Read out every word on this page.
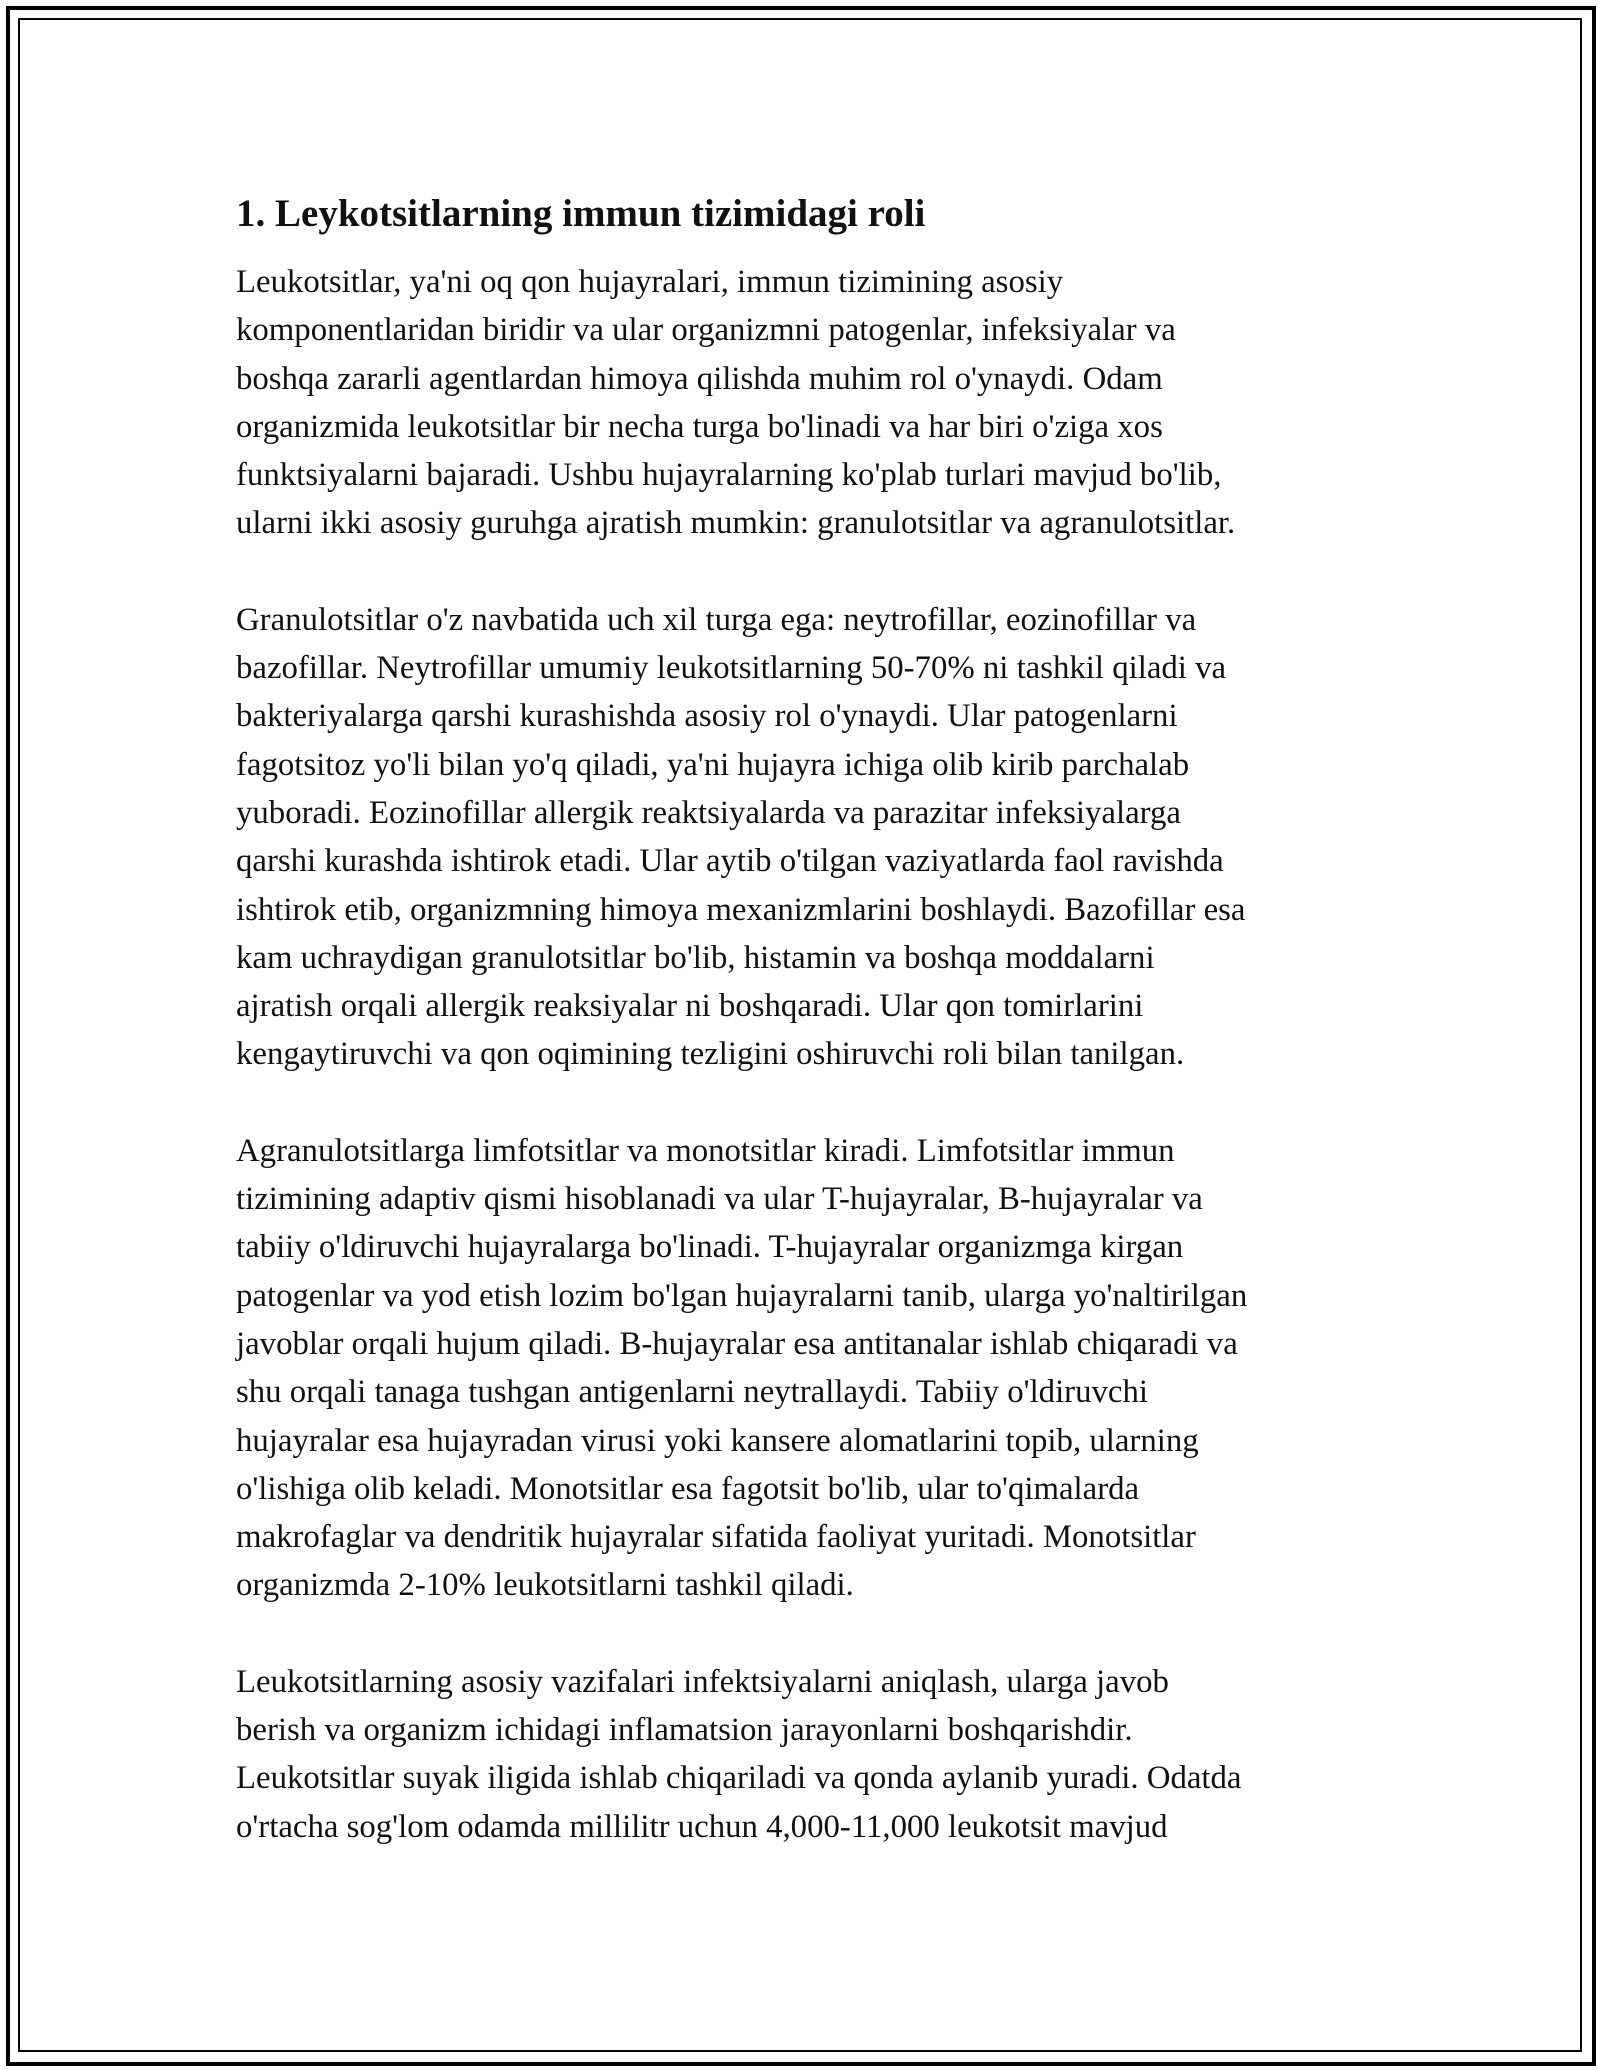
1. Leykotsitlarning immun tizimidagi roli

Leukotsitlar, ya'ni oq qon hujayralari, immun tizimining asosiy
komponentlaridan biridir va ular organizmni patogenlar, infeksiyalar va
boshqa zararli agentlardan himoya qilishda muhim rol o'ynaydi. Odam
organizmida leukotsitlar bir necha turga bo'linadi va har biri o'ziga xos
funktsiyalarni bajaradi. Ushbu hujayralarning ko'plab turlari mavjud bo'lib,
ularni ikki asosiy guruhga ajratish mumkin: granulotsitlar va agranulotsitlar.

Granulotsitlar o'z navbatida uch xil turga ega: neytrofillar, eozinofillar va
bazofillar. Neytrofillar umumiy leukotsitlarning 50-70% ni tashkil qiladi va
bakteriyalarga qarshi kurashishda asosiy rol o'ynaydi. Ular patogenlarni
fagotsitoz yo'li bilan yo'q qiladi, ya'ni hujayra ichiga olib kirib parchalab
yuboradi. Eozinofillar allergik reaktsiyalarda va parazitar infeksiyalarga
qarshi kurashda ishtirok etadi. Ular aytib o'tilgan vaziyatlarda faol ravishda
ishtirok etib, organizmning himoya mexanizmlarini boshlaydi. Bazofillar esa
kam uchraydigan granulotsitlar bo'lib, histamin va boshqa moddalarni
ajratish orqali allergik reaksiyalar ni boshqaradi. Ular qon tomirlarini
kengaytiruvchi va qon oqimining tezligini oshiruvchi roli bilan tanilgan.

Agranulotsitlarga limfotsitlar va monotsitlar kiradi. Limfotsitlar immun
tizimining adaptiv qismi hisoblanadi va ular T-hujayralar, B-hujayralar va
tabiiy o'ldiruvchi hujayralarga bo'linadi. T-hujayralar organizmga kirgan
patogenlar va yod etish lozim bo'lgan hujayralarni tanib, ularga yo'naltirilgan
javoblar orqali hujum qiladi. B-hujayralar esa antitanalar ishlab chiqaradi va
shu orqali tanaga tushgan antigenlarni neytrallaydi. Tabiiy o'ldiruvchi
hujayralar esa hujayradan virusi yoki kansere alomatlarini topib, ularning
o'lishiga olib keladi. Monotsitlar esa fagotsit bo'lib, ular to'qimalarda
makrofaglar va dendritik hujayralar sifatida faoliyat yuritadi. Monotsitlar
organizmda 2-10% leukotsitlarni tashkil qiladi.

Leukotsitlarning asosiy vazifalari infektsiyalarni aniqlash, ularga javob
berish va organizm ichidagi inflamatsion jarayonlarni boshqarishdir.
Leukotsitlar suyak iligida ishlab chiqariladi va qonda aylanib yuradi. Odatda
o'rtacha sog'lom odamda millilitr uchun 4,000-11,000 leukotsit mavjud
